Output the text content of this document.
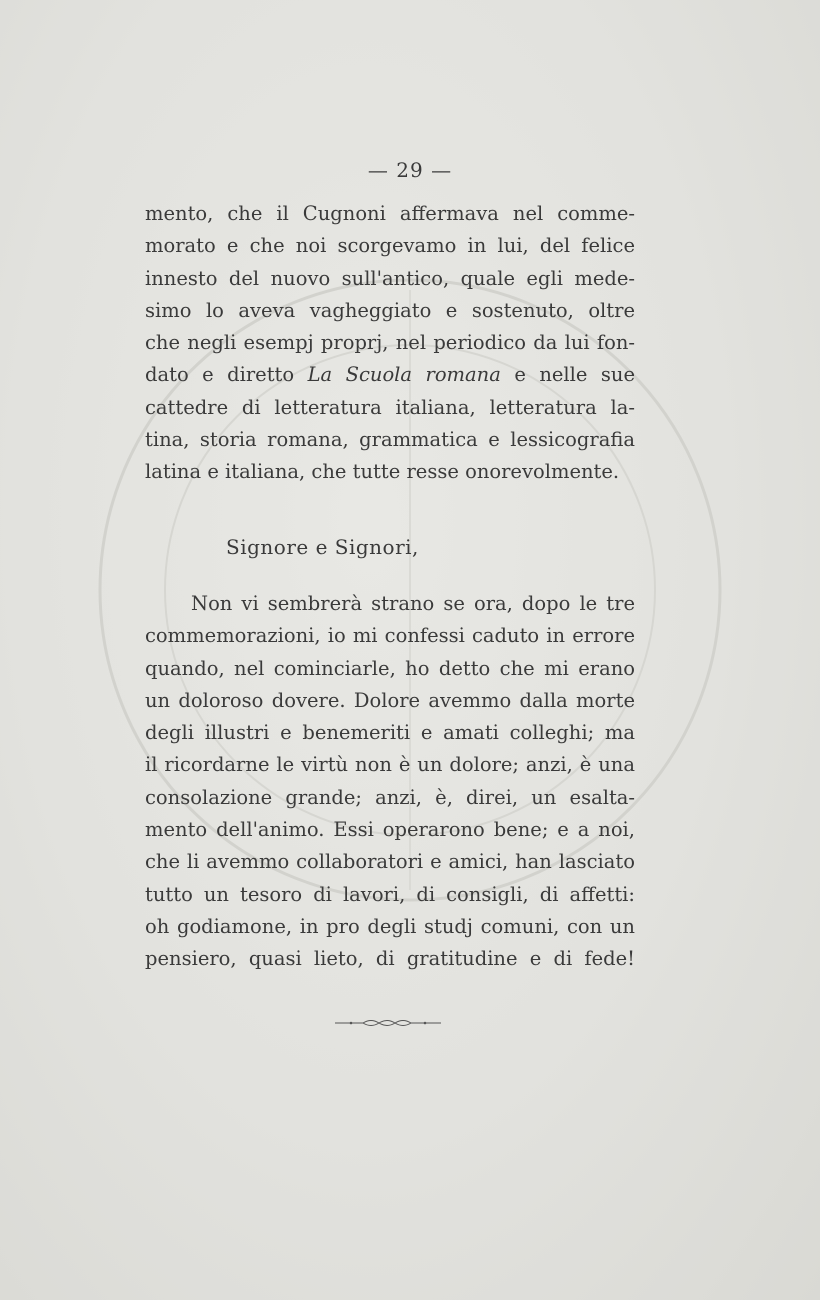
— 29 —
mento, che il Cugnoni affermava nel comme-
morato e che noi scorgevamo in lui, del felice
innesto del nuovo sull'antico, quale egli mede-
simo lo aveva vagheggiato e sostenuto, oltre
che negli esempj proprj, nel periodico da lui fon-
dato e diretto La Scuola romana e nelle sue
cattedre di letteratura italiana, letteratura la-
tina, storia romana, grammatica e lessicografia
latina e italiana, che tutte resse onorevolmente.
Signore e Signori,
Non vi sembrerà strano se ora, dopo le tre
commemorazioni, io mi confessi caduto in errore
quando, nel cominciarle, ho detto che mi erano
un doloroso dovere. Dolore avemmo dalla morte
degli illustri e benemeriti e amati colleghi; ma
il ricordarne le virtù non è un dolore; anzi, è una
consolazione grande; anzi, è, direi, un esalta-
mento dell'animo. Essi operarono bene; e a noi,
che li avemmo collaboratori e amici, han lasciato
tutto un tesoro di lavori, di consigli, di affetti:
oh godiamone, in pro degli studj comuni, con un
pensiero, quasi lieto, di gratitudine e di fede!
